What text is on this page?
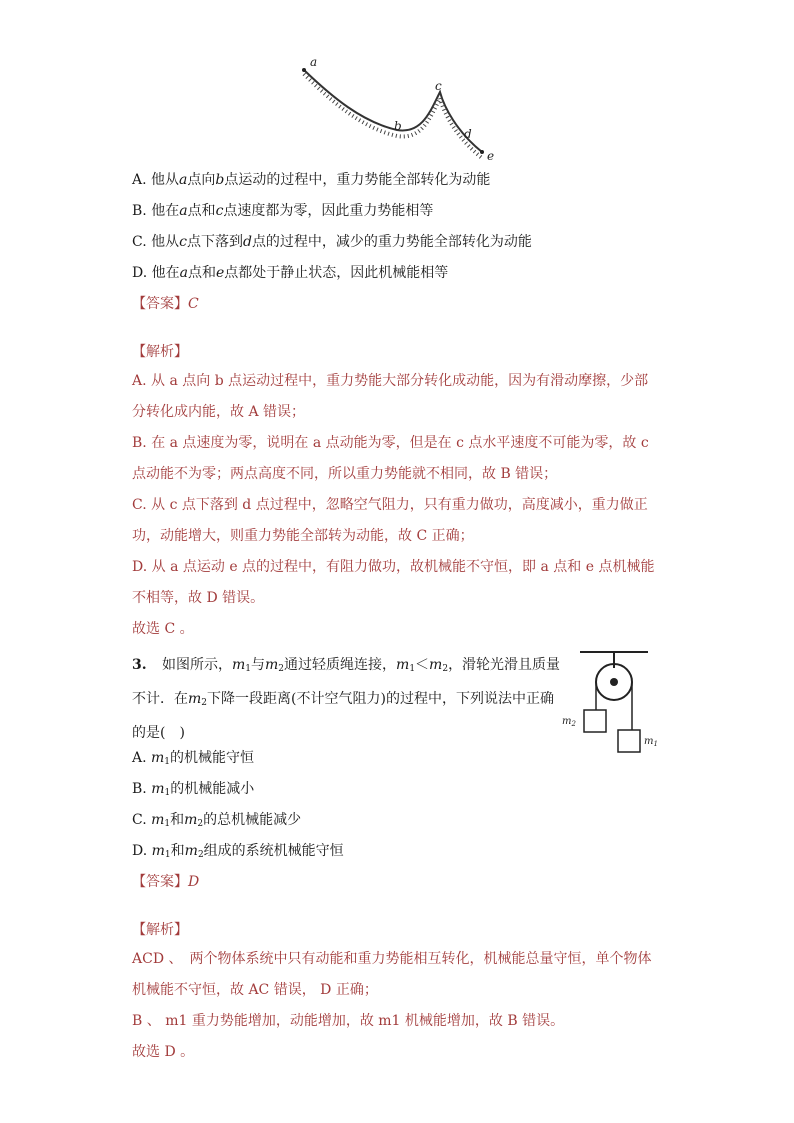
a
b
c
d
e
A. 他从a点向b点运动的过程中，重力势能全部转化为动能
B. 他在a点和c点速度都为零，因此重力势能相等
C. 他从c点下落到d点的过程中，减少的重力势能全部转化为动能
D. 他在a点和e点都处于静止状态，因此机械能相等
【答案】C
【解析】
A. 从 a 点向 b 点运动过程中，重力势能大部分转化成动能，因为有滑动摩擦，少部分转化成内能，故 A 错误；
B. 在 a 点速度为零，说明在 a 点动能为零，但是在 c 点水平速度不可能为零，故 c 点动能不为零；两点高度不同，所以重力势能就不相同，故 B 错误；
C. 从 c 点下落到 d 点过程中，忽略空气阻力，只有重力做功，高度减小，重力做正功，动能增大，则重力势能全部转为动能，故 C 正确；
D. 从 a 点运动 e 点的过程中，有阻力做功，故机械能不守恒，即 a 点和 e 点机械能不相等，故 D 错误。
故选 C 。
3. 如图所示，$m_1$与$m_2$通过轻质绳连接，$m_1<m_2$，滑轮光滑且质量不计．在$m_2$下降一段距离(不计空气阻力)的过程中，下列说法中正确的是(　)
$m_2$
$m_1$
A. $m_1$的机械能守恒
B. $m_1$的机械能减小
C. $m_1$和$m_2$的总机械能减少
D. $m_1$和$m_2$组成的系统机械能守恒
【答案】D
【解析】
ACD 、　两个物体系统中只有动能和重力势能相互转化，机械能总量守恒，单个物体机械能不守恒，故 AC 错误， D 正确；
B 、 m1 重力势能增加，动能增加，故 m1 机械能增加，故 B 错误。
故选 D 。
